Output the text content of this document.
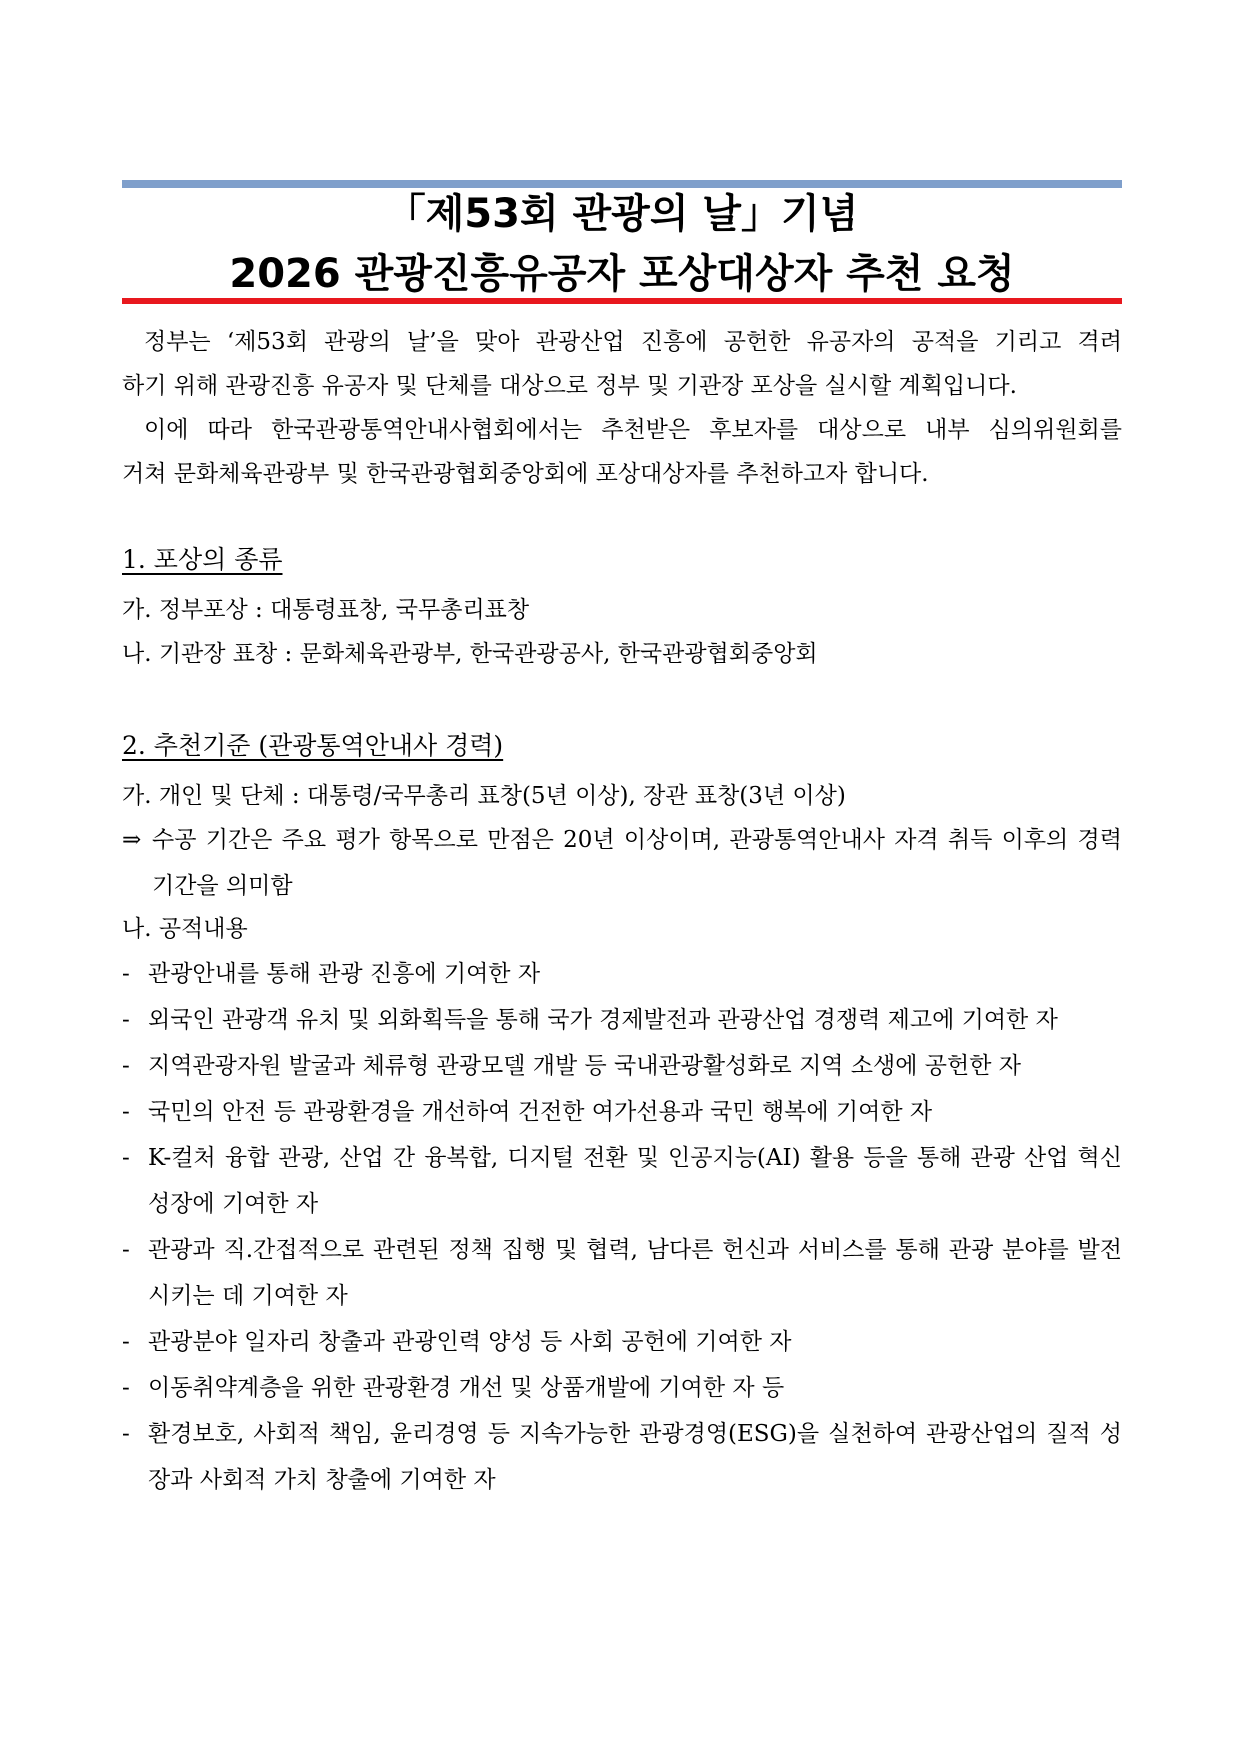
「제53회 관광의 날」기념
2026 관광진흥유공자 포상대상자 추천 요청
정부는 ‘제53회 관광의 날’을 맞아 관광산업 진흥에 공헌한 유공자의 공적을 기리고 격려
하기 위해 관광진흥 유공자 및 단체를 대상으로 정부 및 기관장 포상을 실시할 계획입니다.
이에 따라 한국관광통역안내사협회에서는 추천받은 후보자를 대상으로 내부 심의위원회를
거쳐 문화체육관광부 및 한국관광협회중앙회에 포상대상자를 추천하고자 합니다.
1. 포상의 종류
가. 정부포상 : 대통령표창, 국무총리표창
나. 기관장 표창 : 문화체육관광부, 한국관광공사, 한국관광협회중앙회
2. 추천기준 (관광통역안내사 경력)
가. 개인 및 단체 : 대통령/국무총리 표창(5년 이상), 장관 표창(3년 이상)
⇒ 수공 기간은 주요 평가 항목으로 만점은 20년 이상이며, 관광통역안내사 자격 취득 이후의 경력 기간을 의미함
나. 공적내용
- 관광안내를 통해 관광 진흥에 기여한 자
- 외국인 관광객 유치 및 외화획득을 통해 국가 경제발전과 관광산업 경쟁력 제고에 기여한 자
- 지역관광자원 발굴과 체류형 관광모델 개발 등 국내관광활성화로 지역 소생에 공헌한 자
- 국민의 안전 등 관광환경을 개선하여 건전한 여가선용과 국민 행복에 기여한 자
- K-컬처 융합 관광, 산업 간 융복합, 디지털 전환 및 인공지능(AI) 활용 등을 통해 관광 산업 혁신 성장에 기여한 자
- 관광과 직.간접적으로 관련된 정책 집행 및 협력, 남다른 헌신과 서비스를 통해 관광 분야를 발전시키는 데 기여한 자
- 관광분야 일자리 창출과 관광인력 양성 등 사회 공헌에 기여한 자
- 이동취약계층을 위한 관광환경 개선 및 상품개발에 기여한 자 등
- 환경보호, 사회적 책임, 윤리경영 등 지속가능한 관광경영(ESG)을 실천하여 관광산업의 질적 성장과 사회적 가치 창출에 기여한 자
